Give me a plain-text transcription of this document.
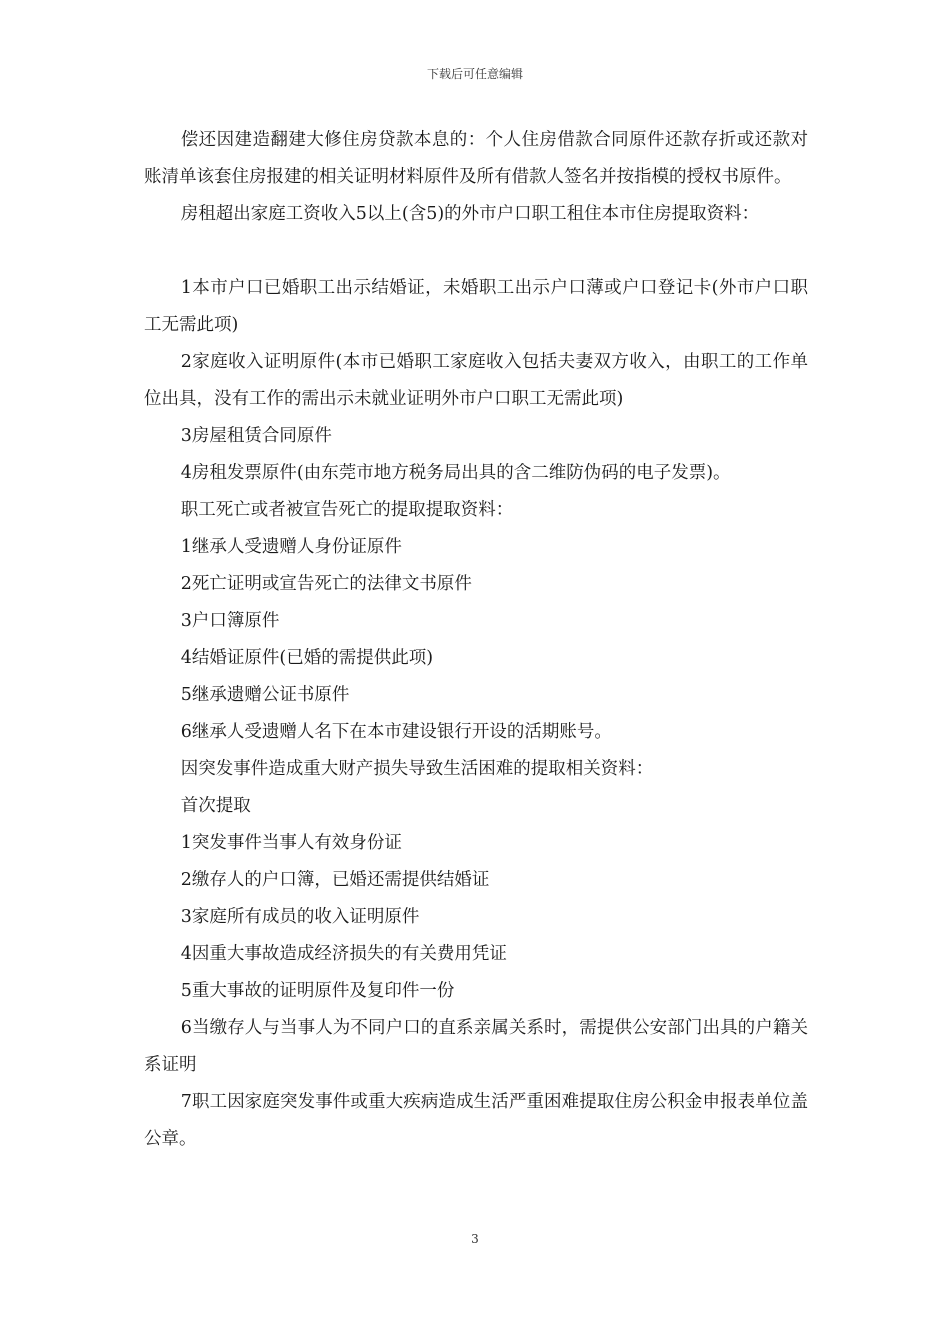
下载后可任意编辑

偿还因建造翻建大修住房贷款本息的：个人住房借款合同原件还款存折或还款对账清单该套住房报建的相关证明材料原件及所有借款人签名并按指模的授权书原件。

房租超出家庭工资收入5以上(含5)的外市户口职工租住本市住房提取资料：

1本市户口已婚职工出示结婚证，未婚职工出示户口薄或户口登记卡(外市户口职工无需此项)

2家庭收入证明原件(本市已婚职工家庭收入包括夫妻双方收入，由职工的工作单位出具，没有工作的需出示未就业证明外市户口职工无需此项)

3房屋租赁合同原件

4房租发票原件(由东莞市地方税务局出具的含二维防伪码的电子发票)。

职工死亡或者被宣告死亡的提取提取资料：

1继承人受遗赠人身份证原件

2死亡证明或宣告死亡的法律文书原件

3户口簿原件

4结婚证原件(已婚的需提供此项)

5继承遗赠公证书原件

6继承人受遗赠人名下在本市建设银行开设的活期账号。

因突发事件造成重大财产损失导致生活困难的提取相关资料：

首次提取

1突发事件当事人有效身份证

2缴存人的户口簿，已婚还需提供结婚证

3家庭所有成员的收入证明原件

4因重大事故造成经济损失的有关费用凭证

5重大事故的证明原件及复印件一份

6当缴存人与当事人为不同户口的直系亲属关系时，需提供公安部门出具的户籍关系证明

7职工因家庭突发事件或重大疾病造成生活严重困难提取住房公积金申报表单位盖公章。

3
